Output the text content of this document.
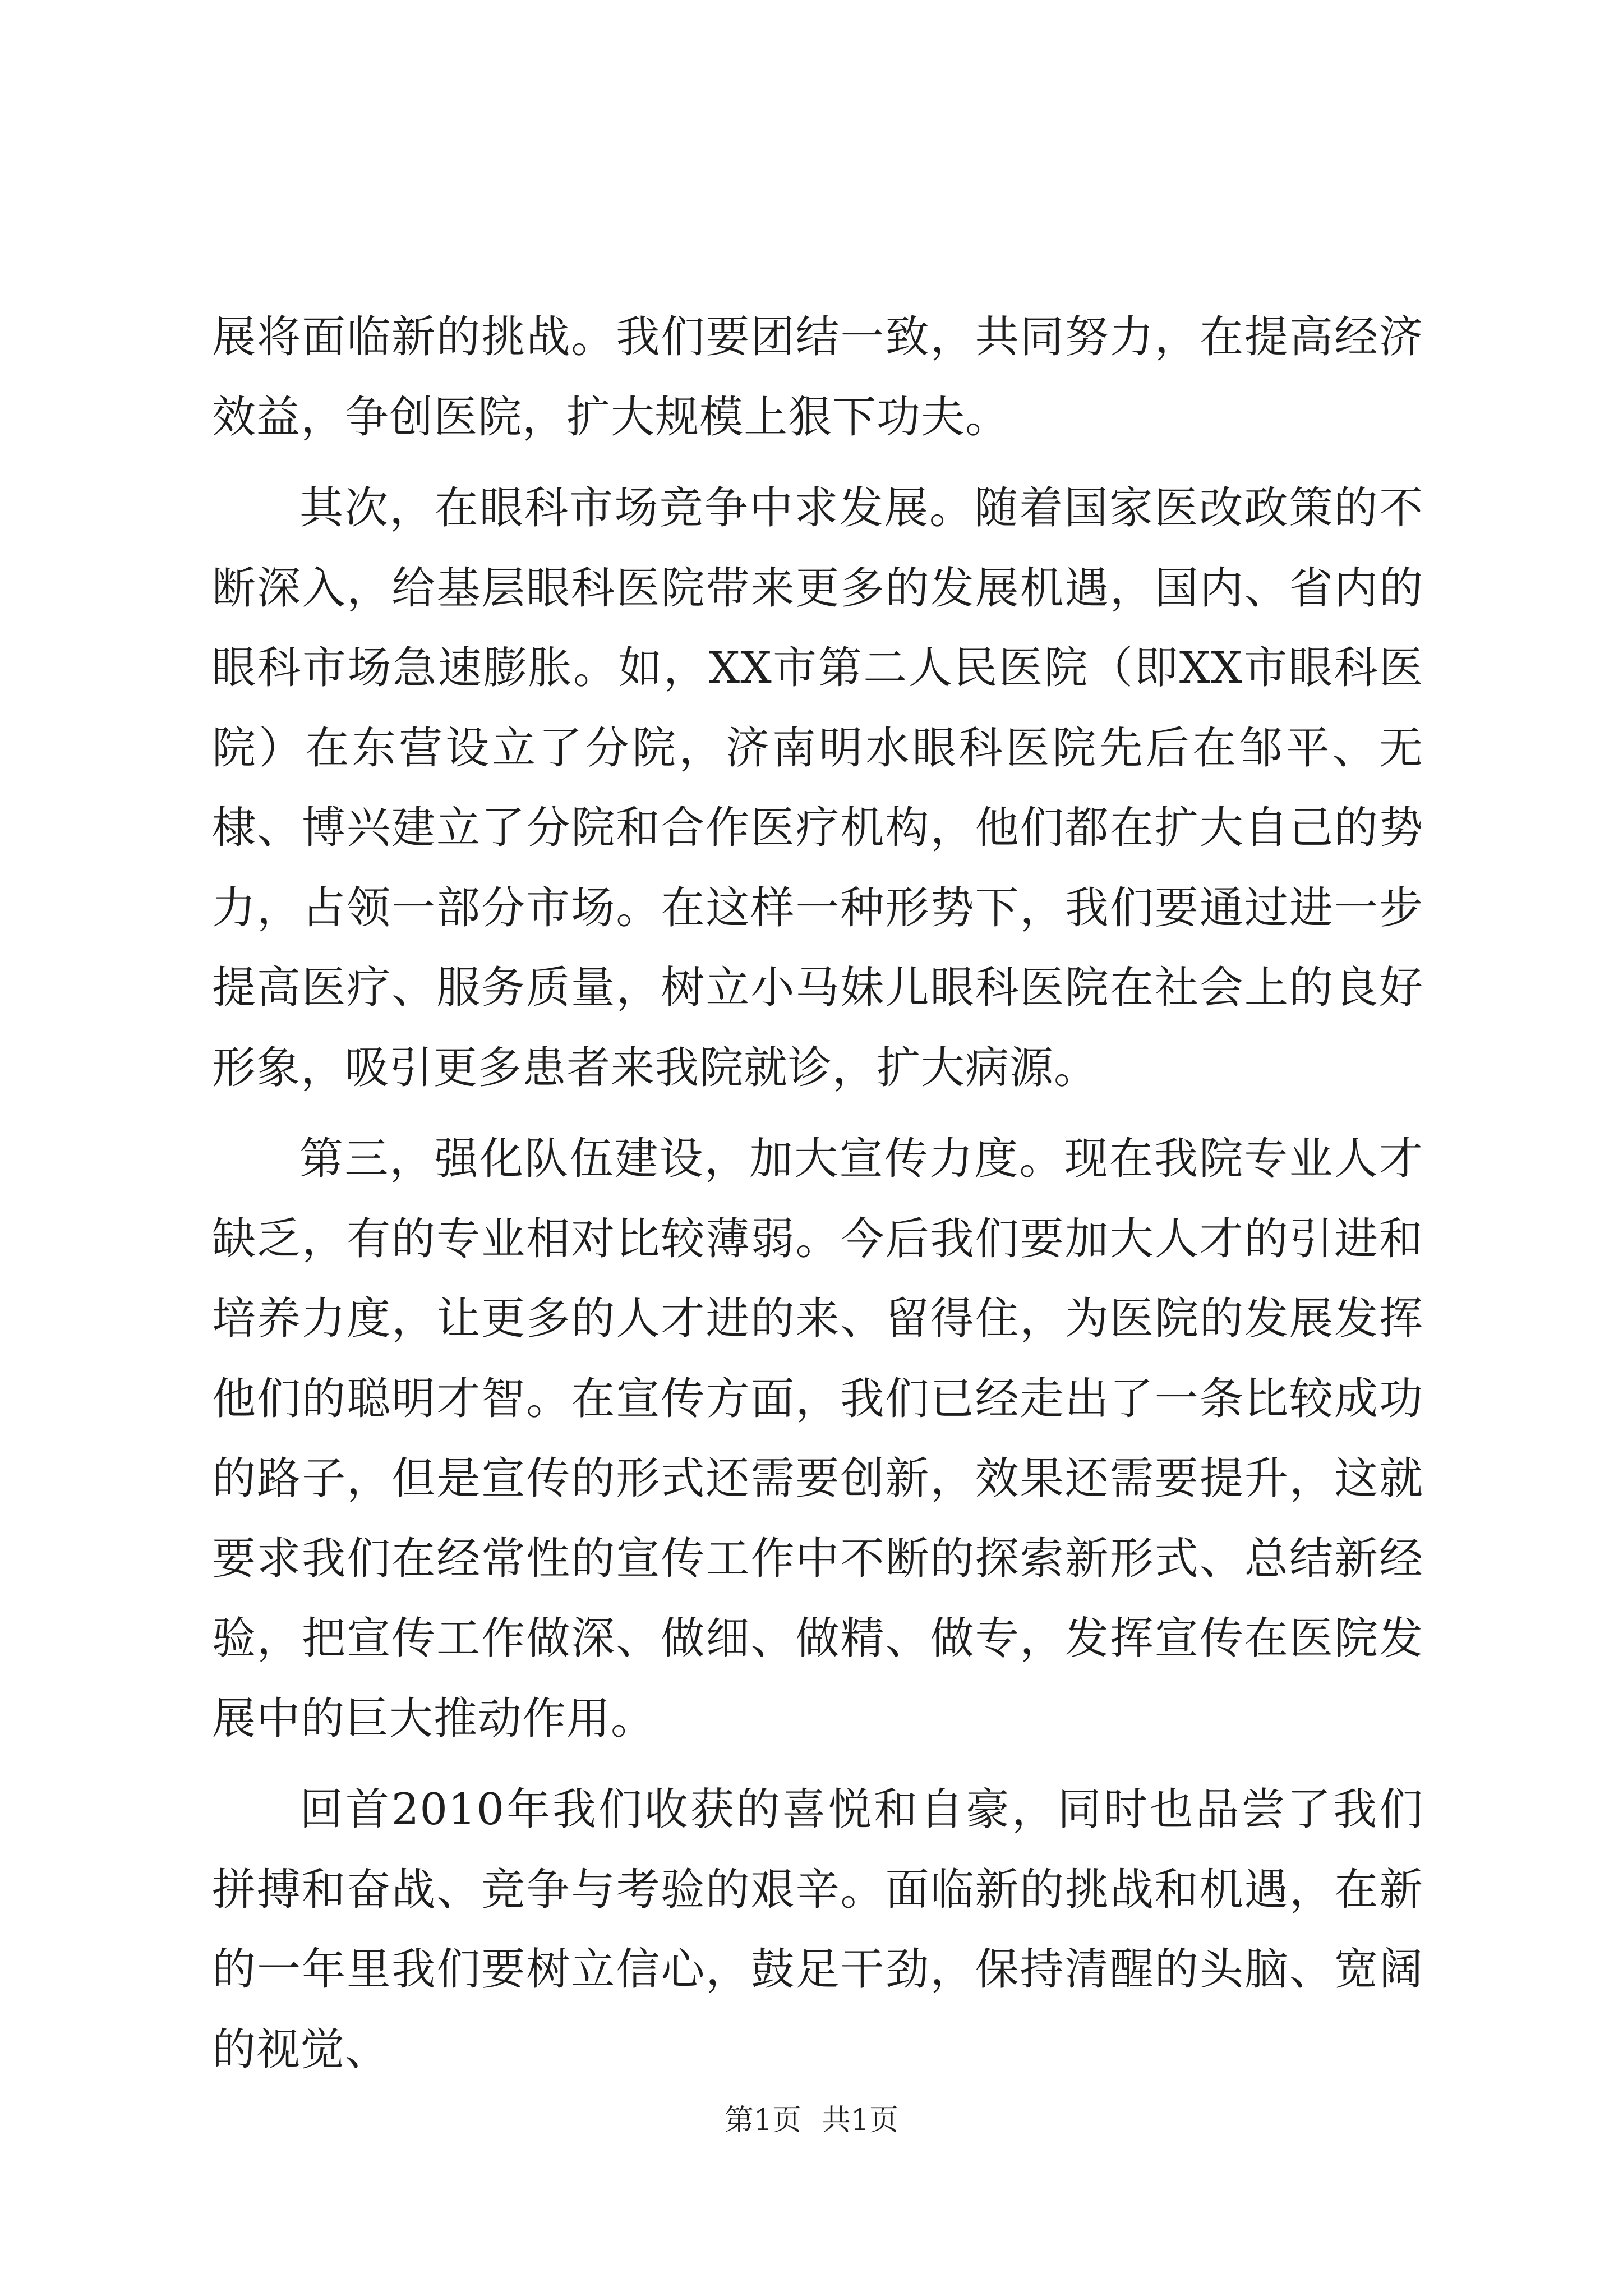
展将面临新的挑战。我们要团结一致，共同努力，在提高经济效益，争创医院，扩大规模上狠下功夫。

其次，在眼科市场竞争中求发展。随着国家医改政策的不断深入，给基层眼科医院带来更多的发展机遇，国内、省内的眼科市场急速膨胀。如，XX市第二人民医院（即XX市眼科医院）在东营设立了分院，济南明水眼科医院先后在邹平、无棣、博兴建立了分院和合作医疗机构，他们都在扩大自己的势力，占领一部分市场。在这样一种形势下，我们要通过进一步提高医疗、服务质量，树立小马妹儿眼科医院在社会上的良好形象，吸引更多患者来我院就诊，扩大病源。

第三，强化队伍建设，加大宣传力度。现在我院专业人才缺乏，有的专业相对比较薄弱。今后我们要加大人才的引进和培养力度，让更多的人才进的来、留得住，为医院的发展发挥他们的聪明才智。在宣传方面，我们已经走出了一条比较成功的路子，但是宣传的形式还需要创新，效果还需要提升，这就要求我们在经常性的宣传工作中不断的探索新形式、总结新经验，把宣传工作做深、做细、做精、做专，发挥宣传在医院发展中的巨大推动作用。

回首2010年我们收获的喜悦和自豪，同时也品尝了我们拼搏和奋战、竞争与考验的艰辛。面临新的挑战和机遇，在新的一年里我们要树立信心，鼓足干劲，保持清醒的头脑、宽阔的视觉、

第1页 共1页
